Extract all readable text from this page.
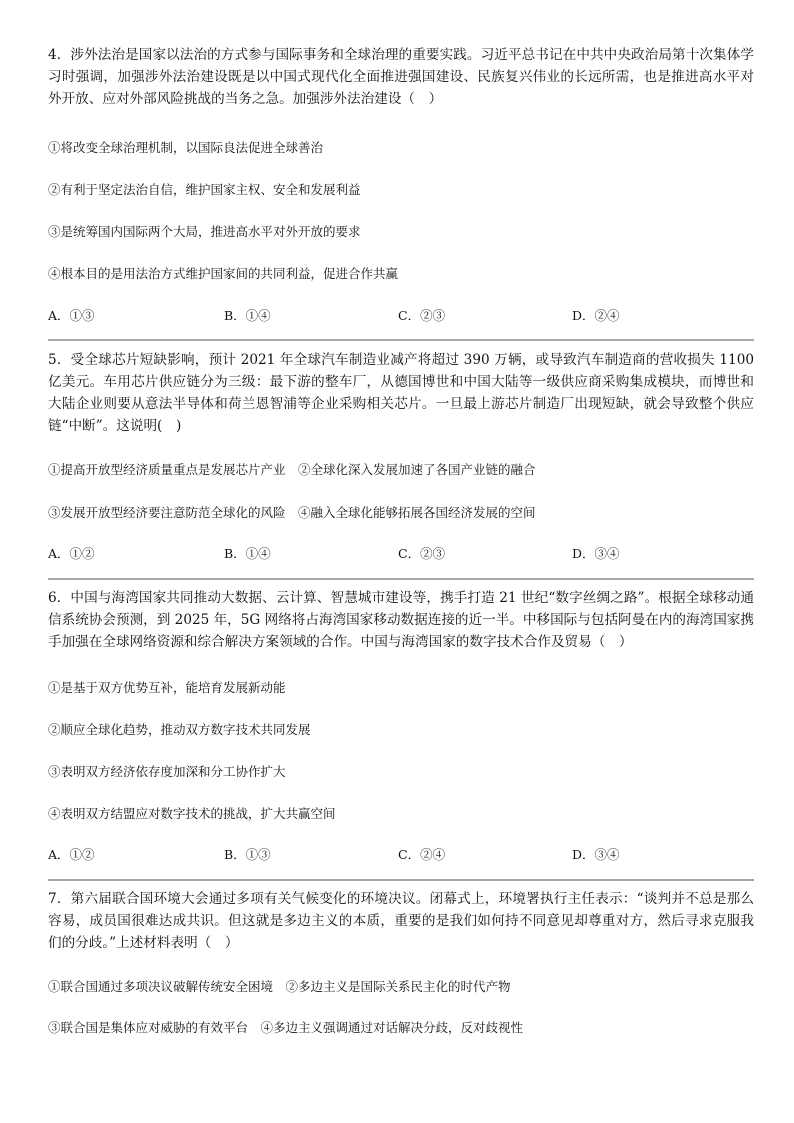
4．涉外法治是国家以法治的方式参与国际事务和全球治理的重要实践。习近平总书记在中共中央政治局第十次集体学习时强调，加强涉外法治建设既是以中国式现代化全面推进强国建设、民族复兴伟业的长远所需，也是推进高水平对外开放、应对外部风险挑战的当务之急。加强涉外法治建设（　）

①将改变全球治理机制，以国际良法促进全球善治
②有利于坚定法治自信，维护国家主权、安全和发展利益
③是统筹国内国际两个大局，推进高水平对外开放的要求
④根本目的是用法治方式维护国家间的共同利益，促进合作共赢
A．①③	B．①④	C．②③	D．②④

5．受全球芯片短缺影响，预计 2021 年全球汽车制造业减产将超过 390 万辆，或导致汽车制造商的营收损失 1100 亿美元。车用芯片供应链分为三级：最下游的整车厂，从德国博世和中国大陆等一级供应商采购集成模块，而博世和大陆企业则要从意法半导体和荷兰恩智浦等企业采购相关芯片。一旦最上游芯片制造厂出现短缺，就会导致整个供应链“中断”。这说明(　)

①提高开放型经济质量重点是发展芯片产业　②全球化深入发展加速了各国产业链的融合
③发展开放型经济要注意防范全球化的风险　④融入全球化能够拓展各国经济发展的空间
A．①②	B．①④	C．②③	D．③④

6．中国与海湾国家共同推动大数据、云计算、智慧城市建设等，携手打造 21 世纪“数字丝绸之路”。根据全球移动通信系统协会预测，到 2025 年，5G 网络将占海湾国家移动数据连接的近一半。中移国际与包括阿曼在内的海湾国家携手加强在全球网络资源和综合解决方案领域的合作。中国与海湾国家的数字技术合作及贸易（　）

①是基于双方优势互补，能培育发展新动能
②顺应全球化趋势，推动双方数字技术共同发展
③表明双方经济依存度加深和分工协作扩大
④表明双方结盟应对数字技术的挑战，扩大共赢空间
A．①②	B．①③	C．②④	D．③④

7．第六届联合国环境大会通过多项有关气候变化的环境决议。闭幕式上，环境署执行主任表示：“谈判并不总是那么容易，成员国很难达成共识。但这就是多边主义的本质，重要的是我们如何持不同意见却尊重对方，然后寻求克服我们的分歧。”上述材料表明（　）

①联合国通过多项决议破解传统安全困境　②多边主义是国际关系民主化的时代产物
③联合国是集体应对威胁的有效平台　④多边主义强调通过对话解决分歧，反对歧视性
